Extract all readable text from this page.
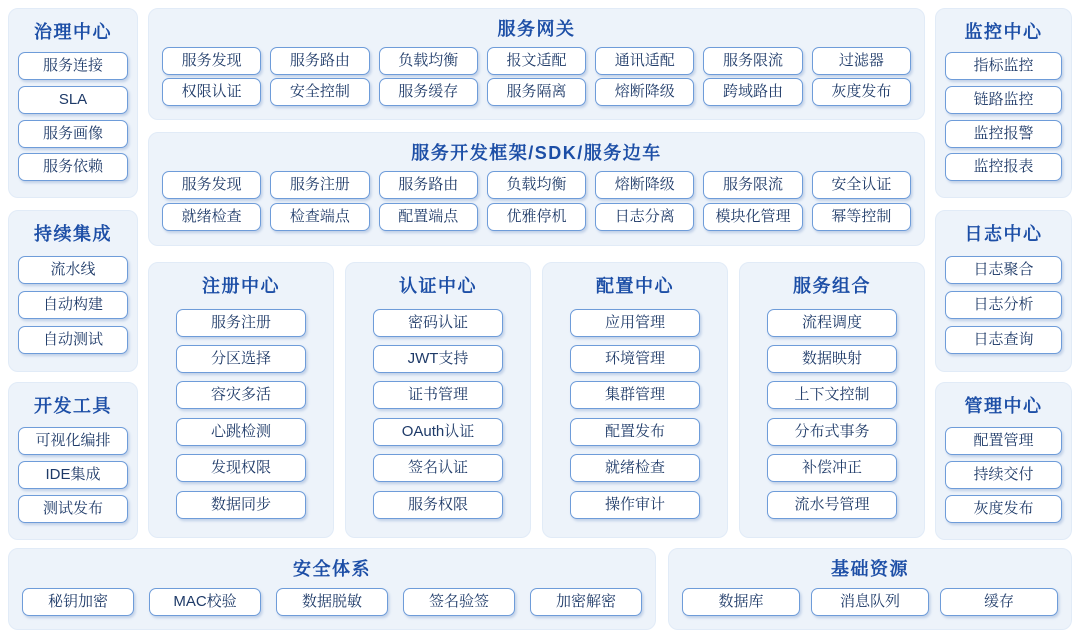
治理中心
服务连接
SLA
服务画像
服务依赖
持续集成
流水线
自动构建
自动测试
开发工具
可视化编排
IDE集成
测试发布
服务网关
服务发现	服务路由	负载均衡	报文适配	通讯适配	服务限流	过滤器
权限认证	安全控制	服务缓存	服务隔离	熔断降级	跨域路由	灰度发布
服务开发框架/SDK/服务边车
服务发现	服务注册	服务路由	负载均衡	熔断降级	服务限流	安全认证
就绪检查	检查端点	配置端点	优雅停机	日志分离	模块化管理	幂等控制
注册中心
服务注册
分区选择
容灾多活
心跳检测
发现权限
数据同步
认证中心
密码认证
JWT支持
证书管理
OAuth认证
签名认证
服务权限
配置中心
应用管理
环境管理
集群管理
配置发布
就绪检查
操作审计
服务组合
流程调度
数据映射
上下文控制
分布式事务
补偿冲正
流水号管理
监控中心
指标监控
链路监控
监控报警
监控报表
日志中心
日志聚合
日志分析
日志查询
管理中心
配置管理
持续交付
灰度发布
安全体系
秘钥加密	MAC校验	数据脱敏	签名验签	加密解密
基础资源
数据库	消息队列	缓存
